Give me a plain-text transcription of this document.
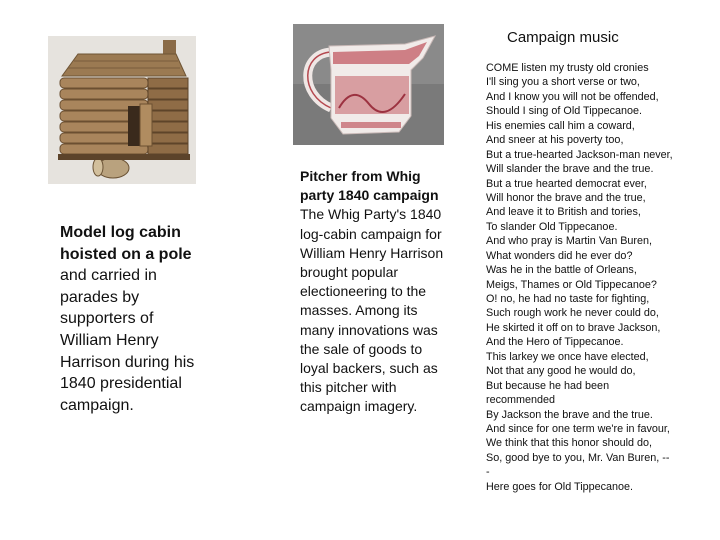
Model log cabin hoisted on a pole and carried in parades by supporters of William Henry Harrison during his 1840 presidential campaign.
Pitcher from Whig party 1840 campaign
The Whig Party's 1840 log-cabin campaign for William Henry Harrison brought popular electioneering to the masses. Among its many innovations was the sale of goods to loyal backers, such as this pitcher with campaign imagery.
Campaign music
COME listen my trusty old cronies
I'll sing you a short verse or two,
And I know you will not be offended,
Should I sing of Old Tippecanoe.
His enemies call him a coward,
And sneer at his poverty too,
But a true-hearted Jackson-man never,
Will slander the brave and the true.
But a true hearted democrat ever,
Will honor the brave and the true,
And leave it to British and tories,
To slander Old Tippecanoe.
And who pray is Martin Van Buren,
What wonders did he ever do?
Was he in the battle of Orleans,
Meigs, Thames or Old Tippecanoe?
O! no, he had no taste for fighting,
Such rough work he never could do,
He skirted it off on to brave Jackson,
And the Hero of Tippecanoe.
This larkey we once have elected,
Not that any good he would do,
But because he had been
recommended
By Jackson the brave and the true.
And since for one term we're in favour,
We think that this honor should do,
So, good bye to you, Mr. Van Buren, --
-
Here goes for Old Tippecanoe.
